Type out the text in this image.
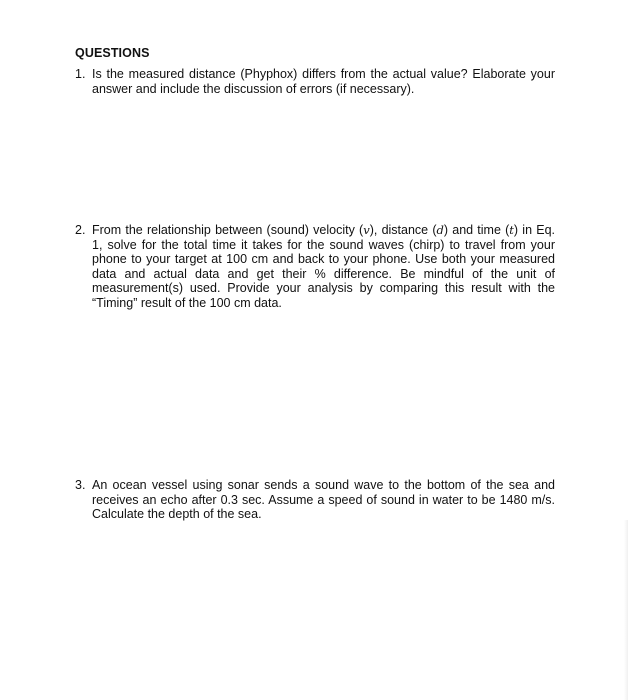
QUESTIONS
1. Is the measured distance (Phyphox) differs from the actual value? Elaborate your answer and include the discussion of errors (if necessary).
2. From the relationship between (sound) velocity (v), distance (d) and time (t) in Eq. 1, solve for the total time it takes for the sound waves (chirp) to travel from your phone to your target at 100 cm and back to your phone. Use both your measured data and actual data and get their % difference. Be mindful of the unit of measurement(s) used. Provide your analysis by comparing this result with the “Timing” result of the 100 cm data.
3. An ocean vessel using sonar sends a sound wave to the bottom of the sea and receives an echo after 0.3 sec. Assume a speed of sound in water to be 1480 m/s. Calculate the depth of the sea.
